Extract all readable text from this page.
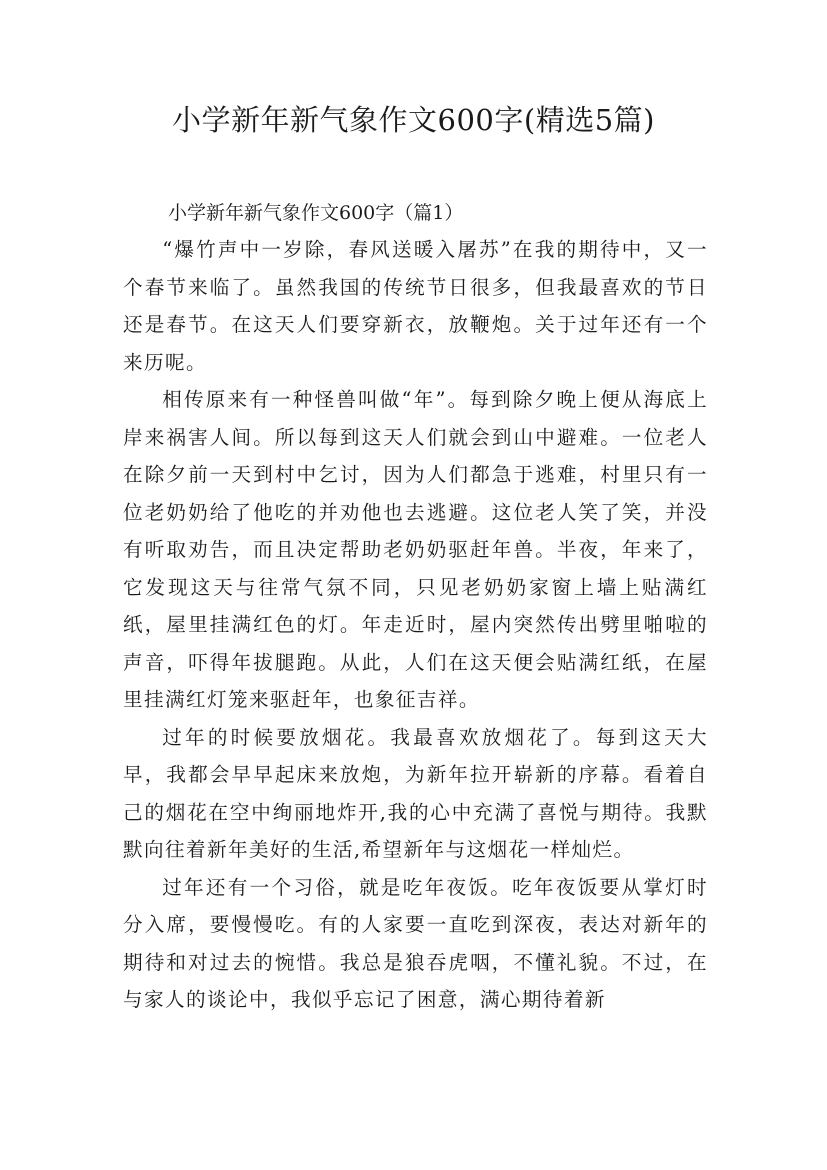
小学新年新气象作文600字(精选5篇)
小学新年新气象作文600字（篇1）

“爆竹声中一岁除，春风送暖入屠苏”在我的期待中，又一个春节来临了。虽然我国的传统节日很多，但我最喜欢的节日还是春节。在这天人们要穿新衣，放鞭炮。关于过年还有一个来历呢。

相传原来有一种怪兽叫做“年”。每到除夕晚上便从海底上岸来祸害人间。所以每到这天人们就会到山中避难。一位老人在除夕前一天到村中乞讨，因为人们都急于逃难，村里只有一位老奶奶给了他吃的并劝他也去逃避。这位老人笑了笑，并没有听取劝告，而且决定帮助老奶奶驱赶年兽。半夜，年来了，它发现这天与往常气氛不同，只见老奶奶家窗上墙上贴满红纸，屋里挂满红色的灯。年走近时，屋内突然传出劈里啪啦的声音，吓得年拔腿跑。从此，人们在这天便会贴满红纸，在屋里挂满红灯笼来驱赶年，也象征吉祥。

过年的时候要放烟花。我最喜欢放烟花了。每到这天大早，我都会早早起床来放炮，为新年拉开崭新的序幕。看着自己的烟花在空中绚丽地炸开,我的心中充满了喜悦与期待。我默默向往着新年美好的生活,希望新年与这烟花一样灿烂。

过年还有一个习俗，就是吃年夜饭。吃年夜饭要从掌灯时分入席，要慢慢吃。有的人家要一直吃到深夜，表达对新年的期待和对过去的惋惜。我总是狼吞虎咽，不懂礼貌。不过，在与家人的谈论中，我似乎忘记了困意，满心期待着新
